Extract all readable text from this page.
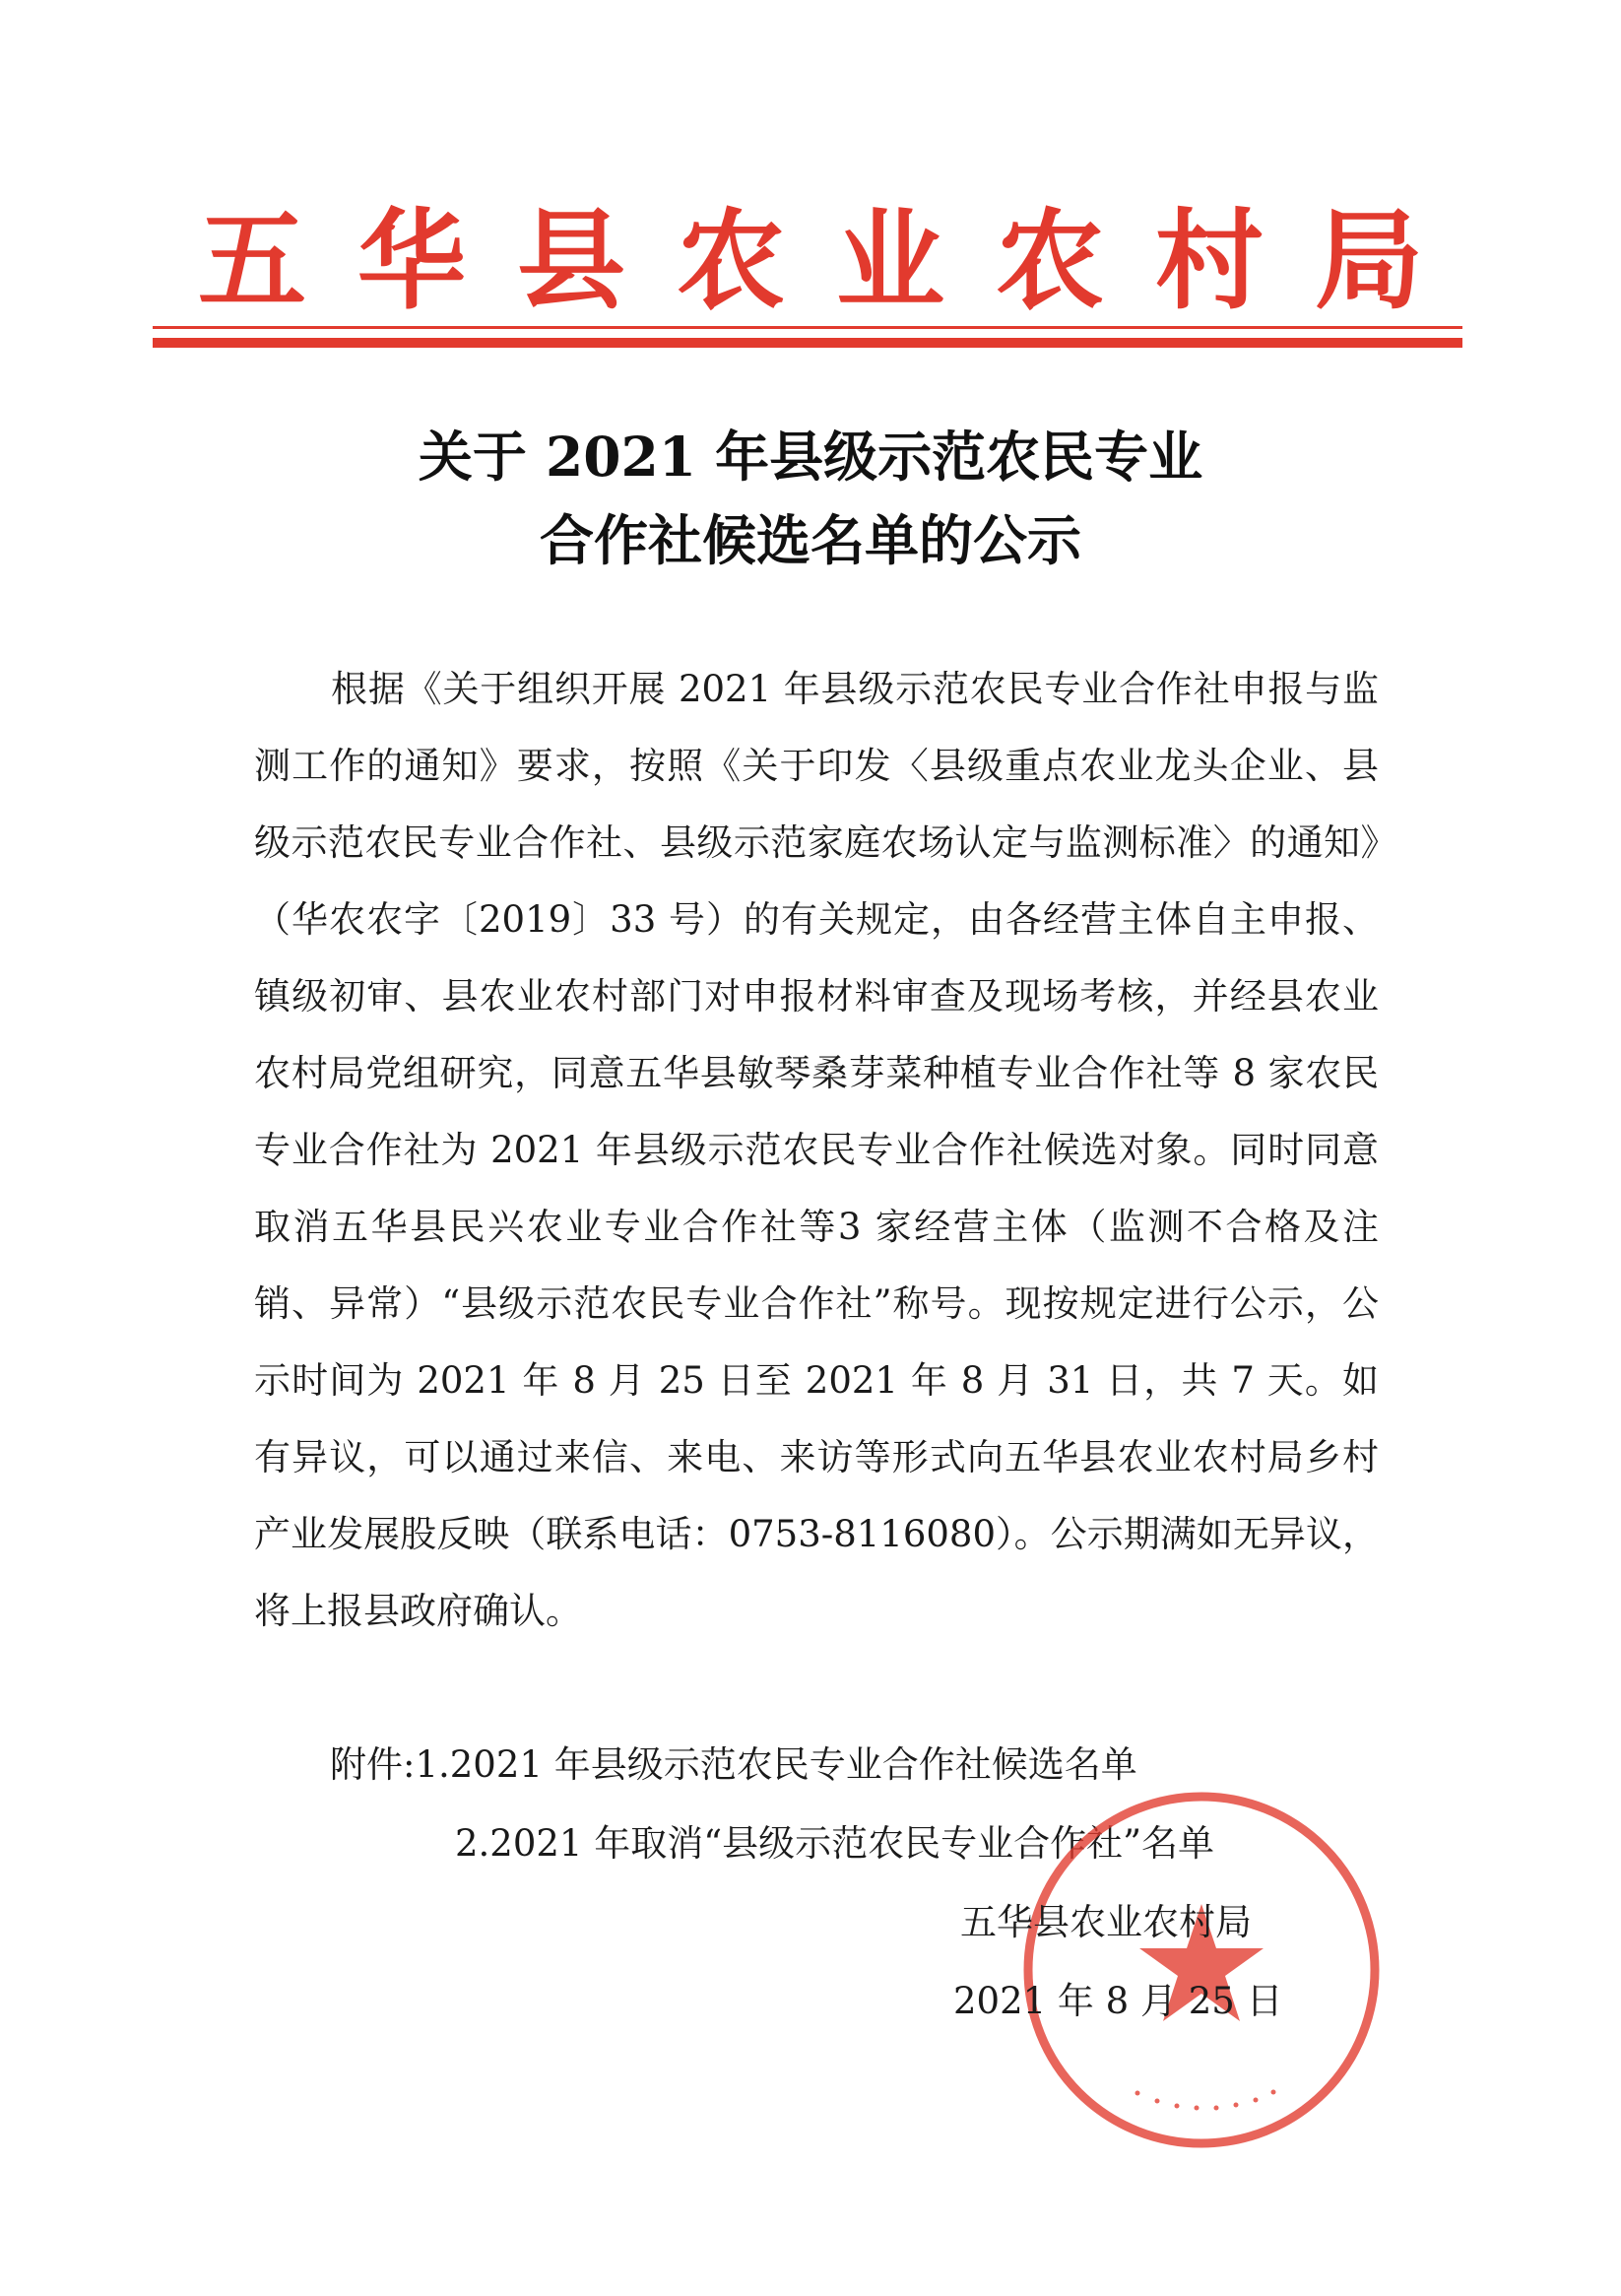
五华县农业农村局
关于 2021 年县级示范农民专业
合作社候选名单的公示

根据《关于组织开展 2021 年县级示范农民专业合作社申报与监测工作的通知》要求，按照《关于印发〈县级重点农业龙头企业、县级示范农民专业合作社、县级示范家庭农场认定与监测标准〉的通知》（华农农字〔2019〕33 号）的有关规定，由各经营主体自主申报、镇级初审、县农业农村部门对申报材料审查及现场考核，并经县农业农村局党组研究，同意五华县敏琴桑芽菜种植专业合作社等 8 家农民专业合作社为 2021 年县级示范农民专业合作社候选对象。同时同意取消五华县民兴农业专业合作社等3 家经营主体（监测不合格及注销、异常）“县级示范农民专业合作社”称号。现按规定进行公示，公示时间为 2021 年 8 月 25 日至 2021 年 8 月 31 日，共 7 天。如有异议，可以通过来信、来电、来访等形式向五华县农业农村局乡村产业发展股反映（联系电话：0753-8116080）。公示期满如无异议，将上报县政府确认。

附件:1.2021 年县级示范农民专业合作社候选名单
2.2021 年取消“县级示范农民专业合作社”名单
五华县农业农村局
2021 年 8 月 25 日
